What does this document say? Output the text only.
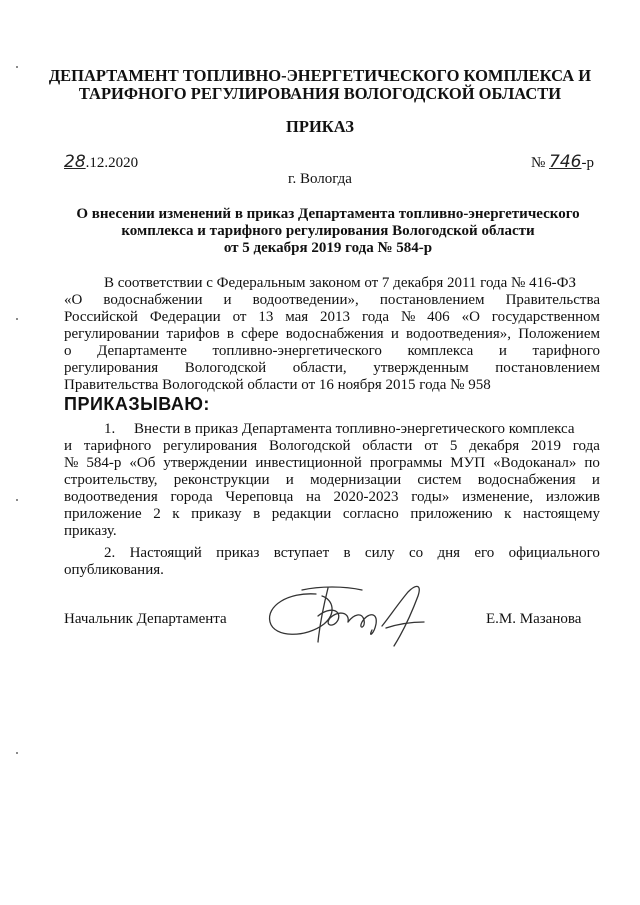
ДЕПАРТАМЕНТ ТОПЛИВНО-ЭНЕРГЕТИЧЕСКОГО КОМПЛЕКСА И
ТАРИФНОГО РЕГУЛИРОВАНИЯ ВОЛОГОДСКОЙ ОБЛАСТИ
ПРИКАЗ
28.12.2020	№ 746-р
г. Вологда
О внесении изменений в приказ Департамента топливно-энергетического
комплекса и тарифного регулирования Вологодской области
от 5 декабря 2019 года № 584-р
В соответствии с Федеральным законом от 7 декабря 2011 года № 416-ФЗ
«О водоснабжении и водоотведении», постановлением Правительства
Российской Федерации от 13 мая 2013 года № 406 «О государственном
регулировании тарифов в сфере водоснабжения и водоотведения», Положением
о Департаменте топливно-энергетического комплекса и тарифного
регулирования Вологодской области, утвержденным постановлением
Правительства Вологодской области от 16 ноября 2015 года № 958
ПРИКАЗЫВАЮ:
1. Внести в приказ Департамента топливно-энергетического комплекса
и тарифного регулирования Вологодской области от 5 декабря 2019 года
№ 584-р «Об утверждении инвестиционной программы МУП «Водоканал» по
строительству, реконструкции и модернизации систем водоснабжения и
водоотведения города Череповца на 2020-2023 годы» изменение, изложив
приложение 2 к приказу в редакции согласно приложению к настоящему
приказу.
2. Настоящий приказ вступает в силу со дня его официального
опубликования.
Начальник Департамента	Е.М. Мазанова
